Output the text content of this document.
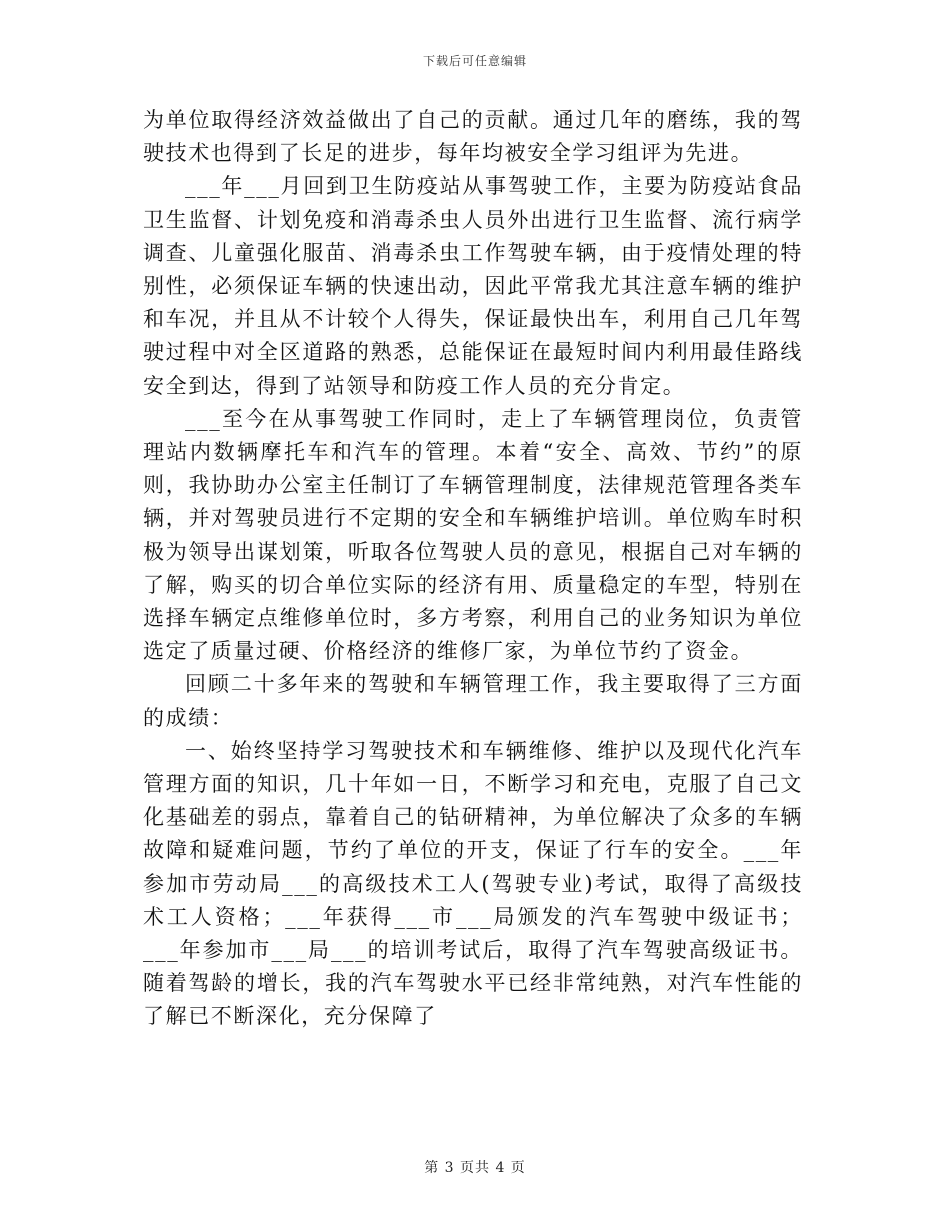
下载后可任意编辑

为单位取得经济效益做出了自己的贡献。通过几年的磨练，我的驾驶技术也得到了长足的进步，每年均被安全学习组评为先进。

___年___月回到卫生防疫站从事驾驶工作，主要为防疫站食品卫生监督、计划免疫和消毒杀虫人员外出进行卫生监督、流行病学调查、儿童强化服苗、消毒杀虫工作驾驶车辆，由于疫情处理的特别性，必须保证车辆的快速出动，因此平常我尤其注意车辆的维护和车况，并且从不计较个人得失，保证最快出车，利用自己几年驾驶过程中对全区道路的熟悉，总能保证在最短时间内利用最佳路线安全到达，得到了站领导和防疫工作人员的充分肯定。

___至今在从事驾驶工作同时，走上了车辆管理岗位，负责管理站内数辆摩托车和汽车的管理。本着“安全、高效、节约”的原则，我协助办公室主任制订了车辆管理制度，法律规范管理各类车辆，并对驾驶员进行不定期的安全和车辆维护培训。单位购车时积极为领导出谋划策，听取各位驾驶人员的意见，根据自己对车辆的了解，购买的切合单位实际的经济有用、质量稳定的车型，特别在选择车辆定点维修单位时，多方考察，利用自己的业务知识为单位选定了质量过硬、价格经济的维修厂家，为单位节约了资金。

回顾二十多年来的驾驶和车辆管理工作，我主要取得了三方面的成绩：

一、始终坚持学习驾驶技术和车辆维修、维护以及现代化汽车管理方面的知识，几十年如一日，不断学习和充电，克服了自己文化基础差的弱点，靠着自己的钻研精神，为单位解决了众多的车辆故障和疑难问题，节约了单位的开支，保证了行车的安全。___年参加市劳动局___的高级技术工人(驾驶专业)考试，取得了高级技术工人资格；___年获得___市___局颁发的汽车驾驶中级证书；___年参加市___局___的培训考试后，取得了汽车驾驶高级证书。随着驾龄的增长，我的汽车驾驶水平已经非常纯熟，对汽车性能的了解已不断深化，充分保障了

第 3 页共 4 页
